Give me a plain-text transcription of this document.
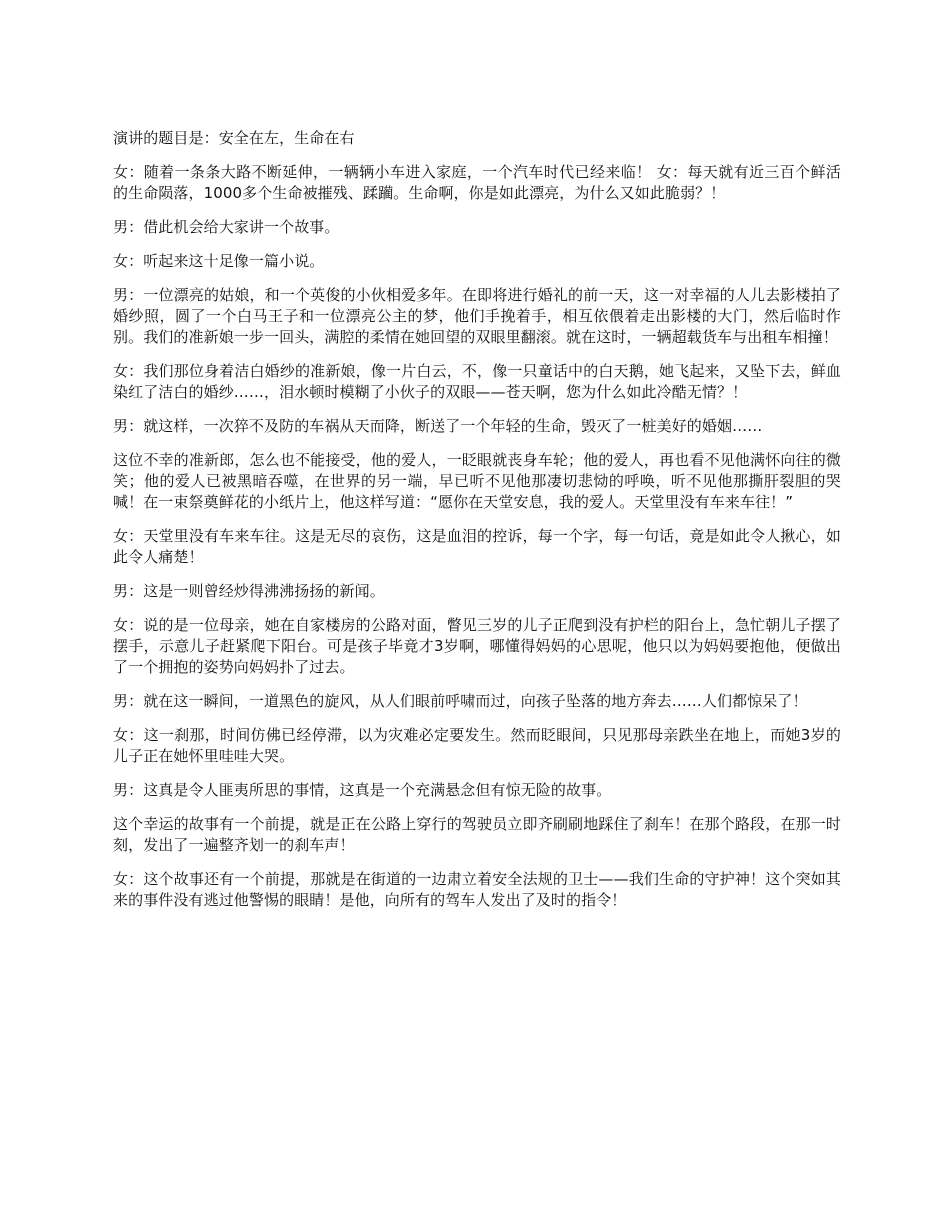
演讲的题目是：安全在左，生命在右

女：随着一条条大路不断延伸，一辆辆小车进入家庭，一个汽车时代已经来临！ 女：每天就有近三百个鲜活的生命陨落，1000多个生命被摧残、蹂躏。生命啊，你是如此漂亮，为什么又如此脆弱？！

男：借此机会给大家讲一个故事。

女：听起来这十足像一篇小说。

男：一位漂亮的姑娘，和一个英俊的小伙相爱多年。在即将进行婚礼的前一天，这一对幸福的人儿去影楼拍了婚纱照，圆了一个白马王子和一位漂亮公主的梦，他们手挽着手，相互依偎着走出影楼的大门，然后临时作别。我们的准新娘一步一回头，满腔的柔情在她回望的双眼里翻滚。就在这时，一辆超载货车与出租车相撞！

女：我们那位身着洁白婚纱的准新娘，像一片白云，不，像一只童话中的白天鹅，她飞起来，又坠下去，鲜血染红了洁白的婚纱……，泪水顿时模糊了小伙子的双眼——苍天啊，您为什么如此冷酷无情？！

男：就这样，一次猝不及防的车祸从天而降，断送了一个年轻的生命，毁灭了一桩美好的婚姻……

这位不幸的准新郎，怎么也不能接受，他的爱人，一眨眼就丧身车轮；他的爱人，再也看不见他满怀向往的微笑；他的爱人已被黑暗吞噬，在世界的另一端，早已听不见他那凄切悲恸的呼唤，听不见他那撕肝裂胆的哭喊！在一束祭奠鲜花的小纸片上，他这样写道：“愿你在天堂安息，我的爱人。天堂里没有车来车往！”

女：天堂里没有车来车往。这是无尽的哀伤，这是血泪的控诉，每一个字，每一句话，竟是如此令人揪心，如此令人痛楚！

男：这是一则曾经炒得沸沸扬扬的新闻。

女：说的是一位母亲，她在自家楼房的公路对面，瞥见三岁的儿子正爬到没有护栏的阳台上，急忙朝儿子摆了摆手，示意儿子赶紧爬下阳台。可是孩子毕竟才3岁啊，哪懂得妈妈的心思呢，他只以为妈妈要抱他，便做出了一个拥抱的姿势向妈妈扑了过去。

男：就在这一瞬间，一道黑色的旋风，从人们眼前呼啸而过，向孩子坠落的地方奔去……人们都惊呆了！

女：这一刹那，时间仿佛已经停滞，以为灾难必定要发生。然而眨眼间，只见那母亲跌坐在地上，而她3岁的儿子正在她怀里哇哇大哭。

男：这真是令人匪夷所思的事情，这真是一个充满悬念但有惊无险的故事。

这个幸运的故事有一个前提，就是正在公路上穿行的驾驶员立即齐刷刷地踩住了刹车！在那个路段，在那一时刻，发出了一遍整齐划一的刹车声！

女：这个故事还有一个前提，那就是在街道的一边肃立着安全法规的卫士——我们生命的守护神！这个突如其来的事件没有逃过他警惕的眼睛！是他，向所有的驾车人发出了及时的指令！
